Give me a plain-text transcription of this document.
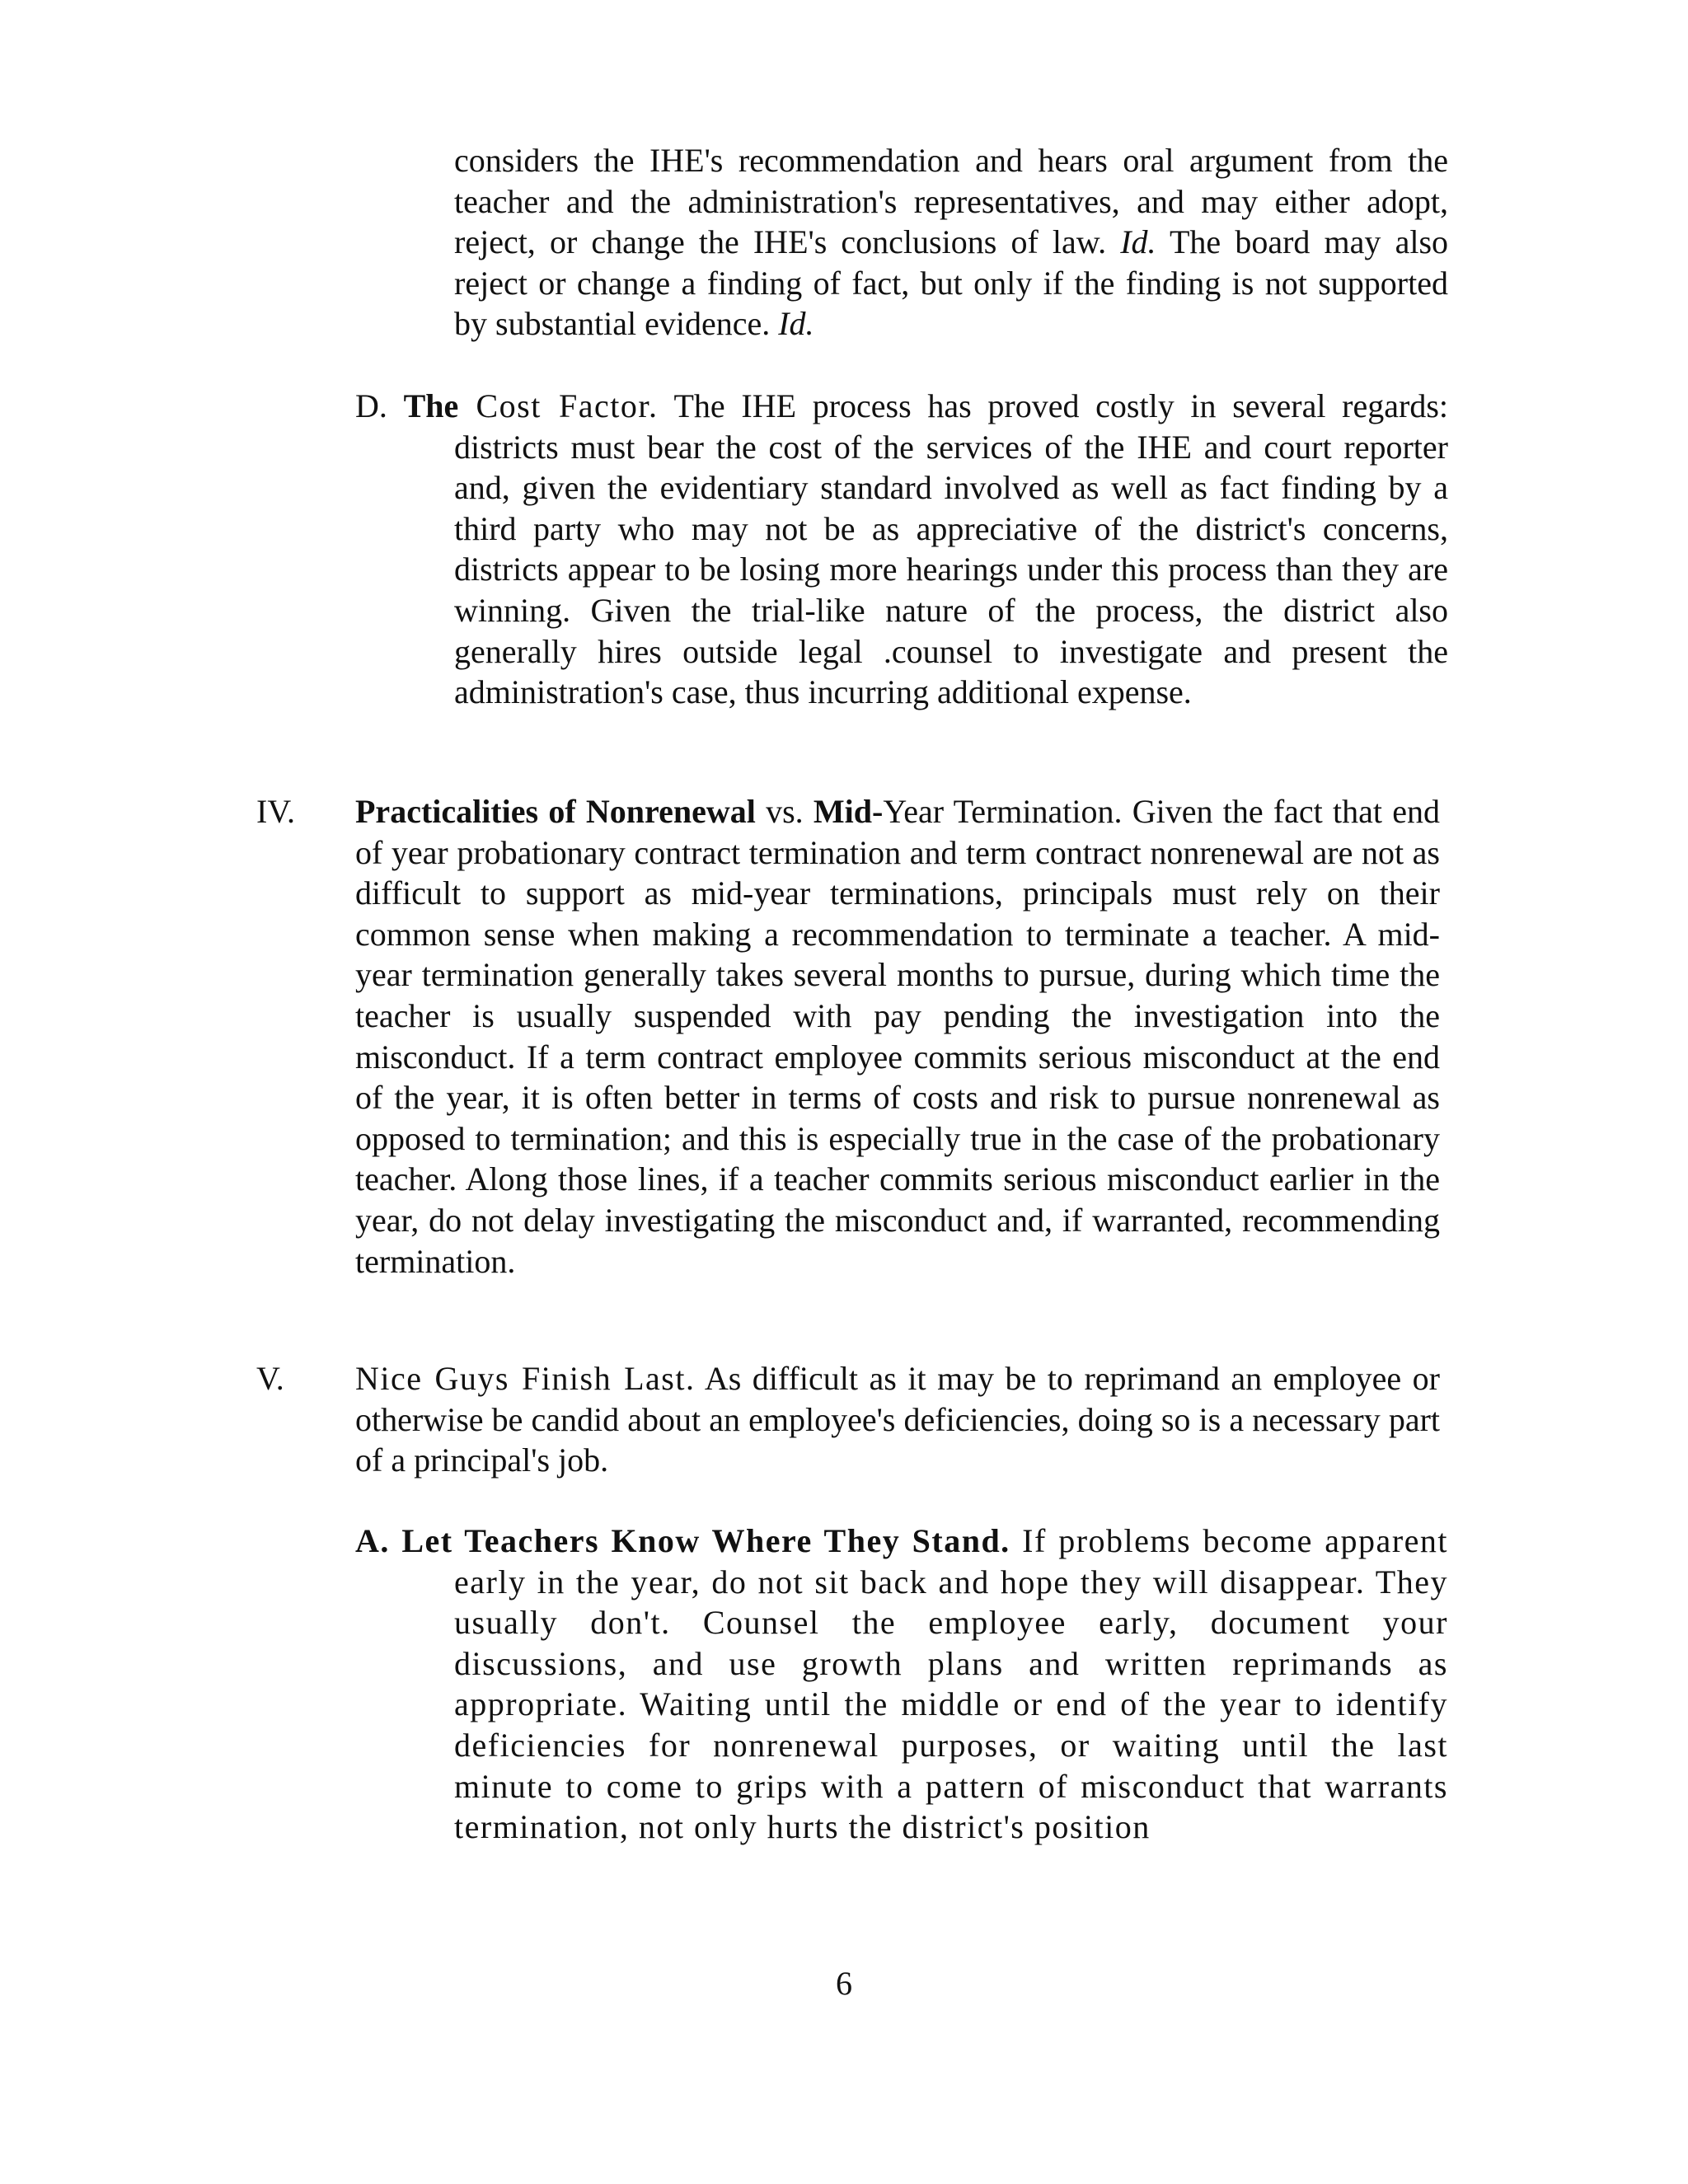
considers the IHE's recommendation and hears oral argument from the teacher and the administration's representatives, and may either adopt, reject, or change the IHE's conclusions of law. Id. The board may also reject or change a finding of fact, but only if the finding is not supported by substantial evidence. Id.
D. The Cost Factor. The IHE process has proved costly in several regards: districts must bear the cost of the services of the IHE and court reporter and, given the evidentiary standard involved as well as fact finding by a third party who may not be as appreciative of the district's concerns, districts appear to be losing more hearings under this process than they are winning. Given the trial-like nature of the process, the district also generally hires outside legal .counsel to investigate and present the administration's case, thus incurring additional expense.
IV. Practicalities of Nonrenewal vs. Mid-Year Termination. Given the fact that end of year probationary contract termination and term contract nonrenewal are not as difficult to support as mid-year terminations, principals must rely on their common sense when making a recommendation to terminate a teacher. A mid-year termination generally takes several months to pursue, during which time the teacher is usually suspended with pay pending the investigation into the misconduct. If a term contract employee commits serious misconduct at the end of the year, it is often better in terms of costs and risk to pursue nonrenewal as opposed to termination; and this is especially true in the case of the probationary teacher. Along those lines, if a teacher commits serious misconduct earlier in the year, do not delay investigating the misconduct and, if warranted, recommending termination.
V. Nice Guys Finish Last. As difficult as it may be to reprimand an employee or otherwise be candid about an employee's deficiencies, doing so is a necessary part of a principal's job.
A. Let Teachers Know Where They Stand. If problems become apparent early in the year, do not sit back and hope they will disappear. They usually don't. Counsel the employee early, document your discussions, and use growth plans and written reprimands as appropriate. Waiting until the middle or end of the year to identify deficiencies for nonrenewal purposes, or waiting until the last minute to come to grips with a pattern of misconduct that warrants termination, not only hurts the district's position
6
